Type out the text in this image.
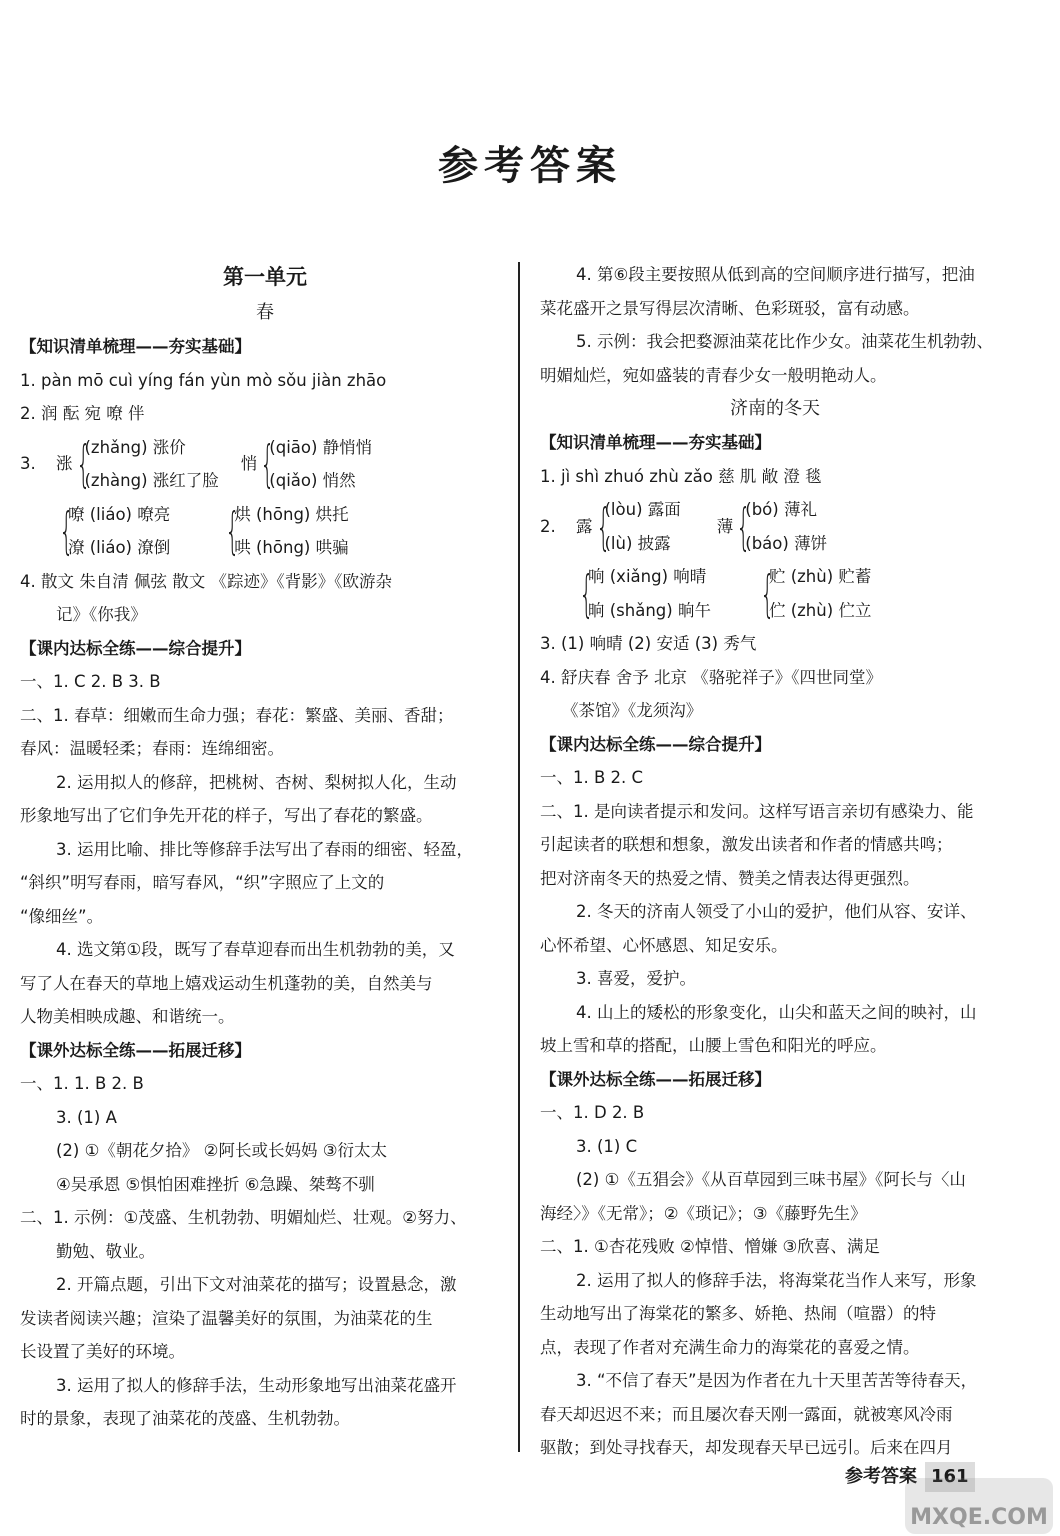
参考答案
第一单元
春
【知识清单梳理——夯实基础】
1. pàn mō cuì yíng fán yùn mò sǒu jiàn zhāo
2. 润 酝 宛 嘹 伴
3.	涨 {
(zhǎng) 涨价
(zhàng) 涨红了脸
悄 {
(qiāo) 静悄悄
(qiǎo) 悄然
{
嘹 (liáo) 嘹亮
潦 (liáo) 潦倒 {
烘 (hōng) 烘托
哄 (hōng) 哄骗
4. 散文 朱自清 佩弦 散文 《踪迹》《背影》《欧游杂
记》《你我》
【课内达标全练——综合提升】
一、1. C 2. B 3. B
二、1. 春草：细嫩而生命力强；春花：繁盛、美丽、香甜；
春风：温暖轻柔；春雨：连绵细密。
2. 运用拟人的修辞，把桃树、杏树、梨树拟人化，生动
形象地写出了它们争先开花的样子，写出了春花的繁盛。
3. 运用比喻、排比等修辞手法写出了春雨的细密、轻盈，
“斜织”明写春雨，暗写春风，“织”字照应了上文的
“像细丝”。
4. 选文第①段，既写了春草迎春而出生机勃勃的美，又
写了人在春天的草地上嬉戏运动生机蓬勃的美，自然美与
人物美相映成趣、和谐统一。
【课外达标全练——拓展迁移】
一、1. 1. B 2. B
3. (1) A
(2) ①《朝花夕拾》 ②阿长或长妈妈 ③衍太太
④吴承恩 ⑤惧怕困难挫折 ⑥急躁、桀骜不驯
二、1. 示例：①茂盛、生机勃勃、明媚灿烂、壮观。②努力、
勤勉、敬业。
2. 开篇点题，引出下文对油菜花的描写；设置悬念，激
发读者阅读兴趣；渲染了温馨美好的氛围，为油菜花的生
长设置了美好的环境。
3. 运用了拟人的修辞手法，生动形象地写出油菜花盛开
时的景象，表现了油菜花的茂盛、生机勃勃。
4. 第⑥段主要按照从低到高的空间顺序进行描写，把油
菜花盛开之景写得层次清晰、色彩斑驳，富有动感。
5. 示例：我会把婺源油菜花比作少女。油菜花生机勃勃、
明媚灿烂，宛如盛装的青春少女一般明艳动人。
济南的冬天
【知识清单梳理——夯实基础】
1. jì shì zhuó zhù zǎo 慈 肌 敞 澄 毯
2.	露 {
(lòu) 露面
(lù) 披露
薄 {
(bó) 薄礼
(báo) 薄饼
{
响 (xiǎng) 响晴
晌 (shǎng) 晌午 {
贮 (zhù) 贮蓄
伫 (zhù) 伫立
3. (1) 响晴 (2) 安适 (3) 秀气
4. 舒庆春 舍予 北京 《骆驼祥子》《四世同堂》
《茶馆》《龙须沟》
【课内达标全练——综合提升】
一、1. B 2. C
二、1. 是向读者提示和发问。这样写语言亲切有感染力、能
引起读者的联想和想象，激发出读者和作者的情感共鸣；
把对济南冬天的热爱之情、赞美之情表达得更强烈。
2. 冬天的济南人领受了小山的爱护，他们从容、安详、
心怀希望、心怀感恩、知足安乐。
3. 喜爱，爱护。
4. 山上的矮松的形象变化，山尖和蓝天之间的映衬，山
坡上雪和草的搭配，山腰上雪色和阳光的呼应。
【课外达标全练——拓展迁移】
一、1. D 2. B
3. (1) C
(2) ①《五猖会》《从百草园到三味书屋》《阿长与〈山
海经〉》《无常》；②《琐记》；③《藤野先生》
二、1. ①杏花残败 ②悼惜、憎嫌 ③欣喜、满足
2. 运用了拟人的修辞手法，将海棠花当作人来写，形象
生动地写出了海棠花的繁多、娇艳、热闹（喧嚣）的特
点，表现了作者对充满生命力的海棠花的喜爱之情。
3. “不信了春天”是因为作者在九十天里苦苦等待春天，
春天却迟迟不来；而且屡次春天刚一露面，就被寒风冷雨
驱散；到处寻找春天，却发现春天早已远引。后来在四月
参考答案 161
MXQE.COM
